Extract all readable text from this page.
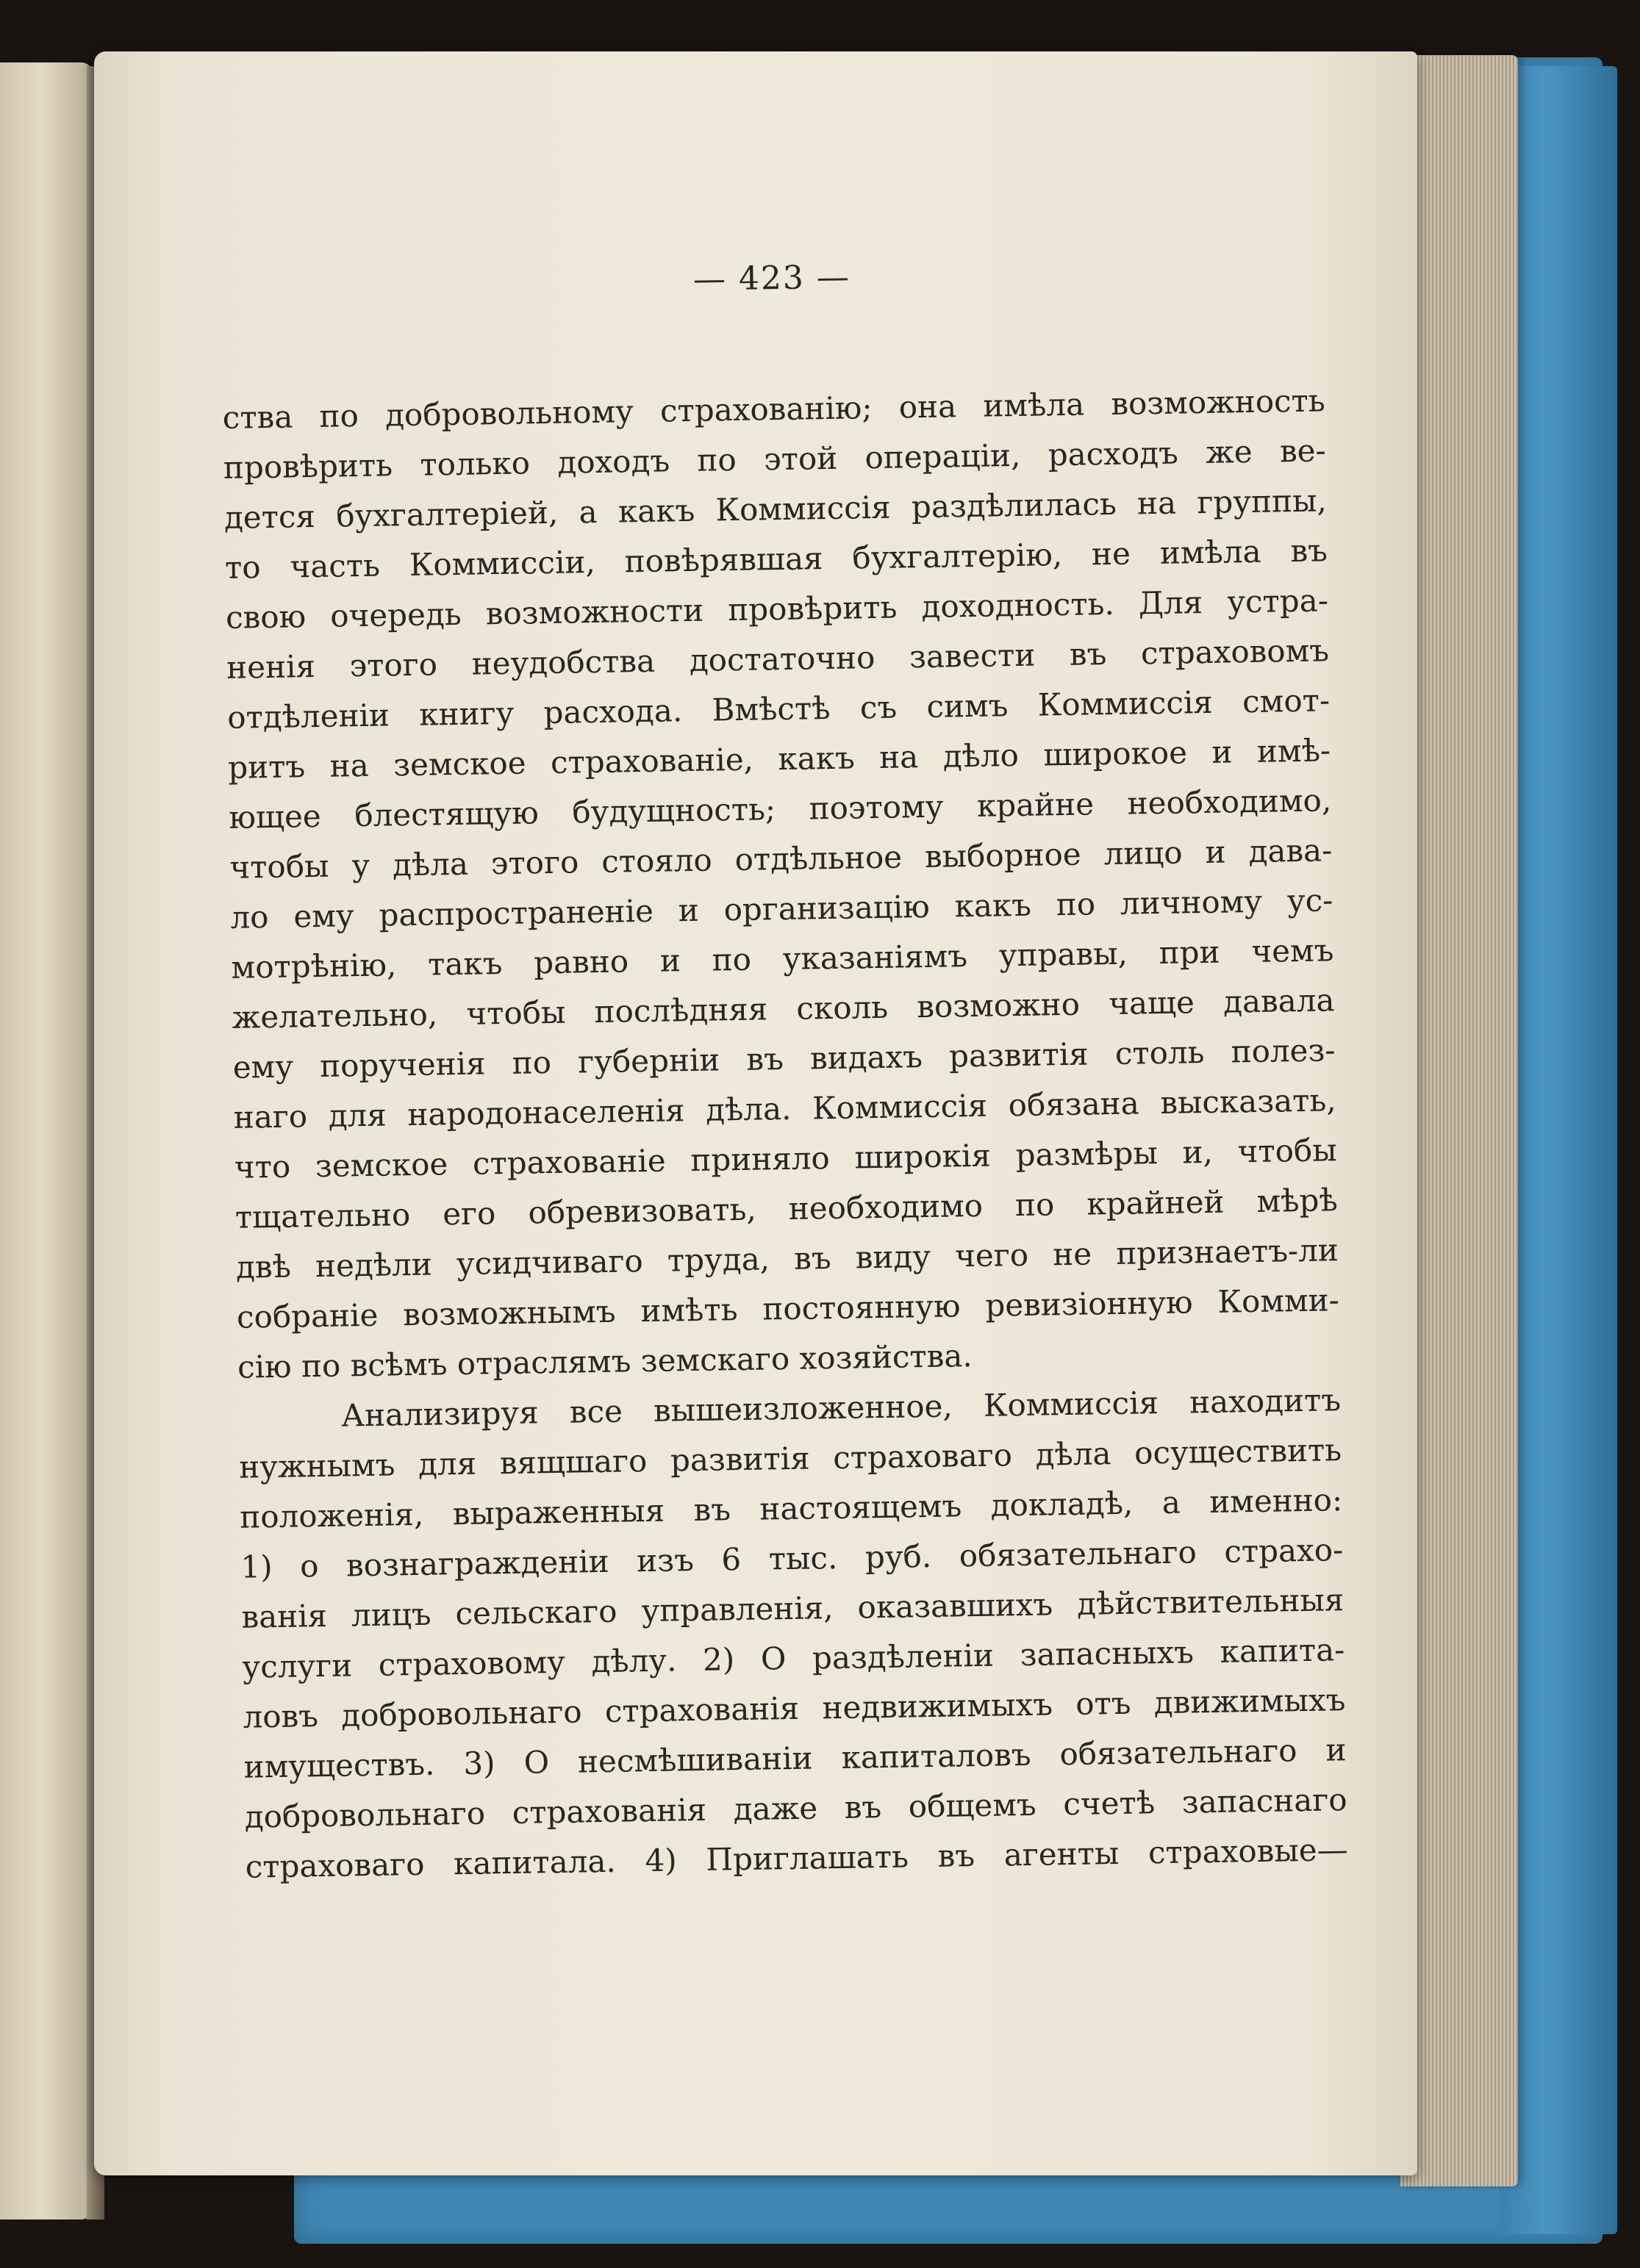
— 423 —
ства по добровольному страхованію; она имѣла возможность
провѣрить только доходъ по этой операціи, расходъ же ве-
дется бухгалтеріей, а какъ Коммиссія раздѣлилась на группы,
то часть Коммиссіи, повѣрявшая бухгалтерію, не имѣла въ
свою очередь возможности провѣрить доходность. Для устра-
ненія этого неудобства достаточно завести въ страховомъ
отдѣленіи книгу расхода. Вмѣстѣ съ симъ Коммиссія смот-
ритъ на земское страхованіе, какъ на дѣло широкое и имѣ-
ющее блестящую будущность; поэтому крайне необходимо,
чтобы у дѣла этого стояло отдѣльное выборное лицо и дава-
ло ему распространеніе и организацію какъ по личному ус-
мотрѣнію, такъ равно и по указаніямъ управы, при чемъ
желательно, чтобы послѣдняя сколь возможно чаще давала
ему порученія по губерніи въ видахъ развитія столь полез-
наго для народонаселенія дѣла. Коммиссія обязана высказать,
что земское страхованіе приняло широкія размѣры и, чтобы
тщательно его обревизовать, необходимо по крайней мѣрѣ
двѣ недѣли усидчиваго труда, въ виду чего не признаетъ-ли
собраніе возможнымъ имѣть постоянную ревизіонную Комми-
сію по всѣмъ отраслямъ земскаго хозяйства.
Анализируя все вышеизложенное, Коммиссія находитъ
нужнымъ для вящшаго развитія страховаго дѣла осуществить
положенія, выраженныя въ настоящемъ докладѣ, а именно:
1) о вознагражденіи изъ 6 тыс. руб. обязательнаго страхо-
ванія лицъ сельскаго управленія, оказавшихъ дѣйствительныя
услуги страховому дѣлу. 2) О раздѣленіи запасныхъ капита-
ловъ добровольнаго страхованія недвижимыхъ отъ движимыхъ
имуществъ. 3) О несмѣшиваніи капиталовъ обязательнаго и
добровольнаго страхованія даже въ общемъ счетѣ запаснаго
страховаго капитала. 4) Приглашать въ агенты страховые—
